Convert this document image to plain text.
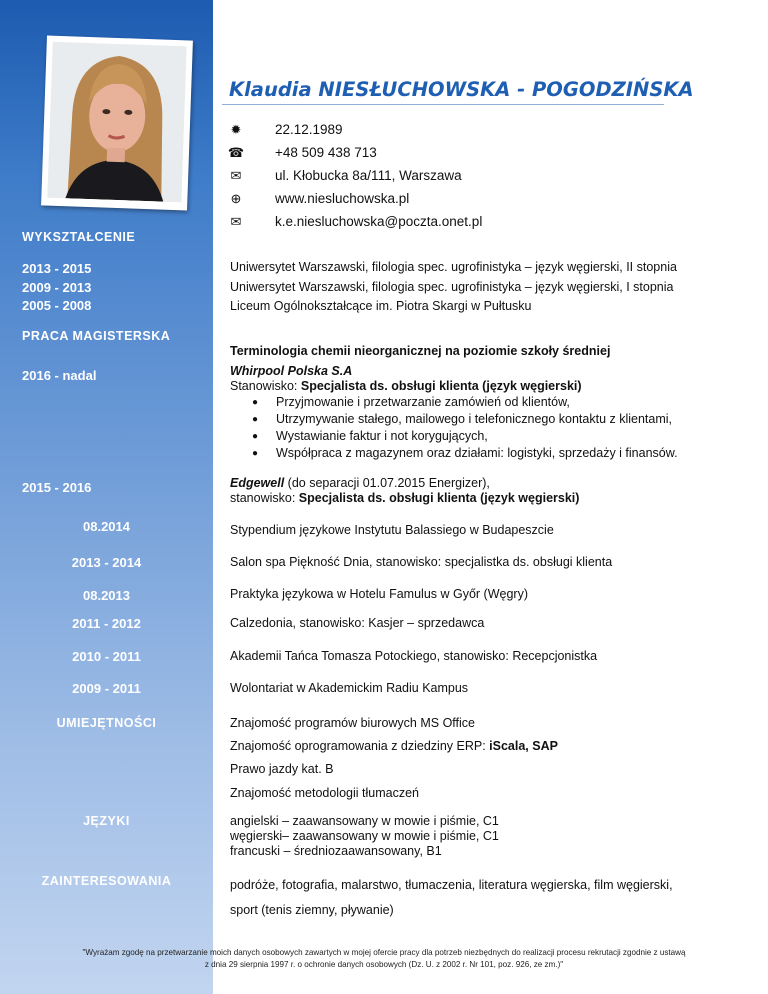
Klaudia NIESŁUCHOWSKA - POGODZIŃSKA
✹	22.12.1989
☎ +48 509 438 713
✉	ul. Kłobucka 8a/111, Warszawa
⊕	www.niesluchowska.pl
✉	k.e.niesluchowska@poczta.onet.pl
WYKSZTAŁCENIE
2013 - 2015	Uniwersytet Warszawski, filologia spec. ugrofinistyka – język węgierski, II stopnia
2009 - 2013	Uniwersytet Warszawski, filologia spec. ugrofinistyka – język węgierski, I stopnia
2005 - 2008	Liceum Ogólnokształcące im. Piotra Skargi w Pułtusku
PRACA MAGISTERSKA
Terminologia chemii nieorganicznej na poziomie szkoły średniej
2016 - nadal	Whirpool Polska S.A
Stanowisko: Specjalista ds. obsługi klienta (język węgierski)
● Przyjmowanie i przetwarzanie zamówień od klientów,
● Utrzymywanie stałego, mailowego i telefonicznego kontaktu z klientami,
● Wystawianie faktur i not korygujących,
● Współpraca z magazynem oraz działami: logistyki, sprzedaży i finansów.
2015 - 2016	Edgewell (do separacji 01.07.2015 Energizer),
stanowisko: Specjalista ds. obsługi klienta (język węgierski)
08.2014	Stypendium językowe Instytutu Balassiego w Budapeszcie
2013 - 2014	Salon spa Piękność Dnia, stanowisko: specjalistka ds. obsługi klienta
08.2013	Praktyka językowa w Hotelu Famulus w Győr (Węgry)
2011 - 2012	Calzedonia, stanowisko: Kasjer – sprzedawca
2010 - 2011	Akademii Tańca Tomasza Potockiego, stanowisko: Recepcjonistka
2009 - 2011	Wolontariat w Akademickim Radiu Kampus
UMIEJĘTNOŚCI	Znajomość programów biurowych MS Office
Znajomość oprogramowania z dziedziny ERP: iScala, SAP
Prawo jazdy kat. B
Znajomość metodologii tłumaczeń
JĘZYKI	angielski – zaawansowany w mowie i piśmie, C1
węgierski– zaawansowany w mowie i piśmie, C1
francuski – średniozaawansowany, B1
ZAINTERESOWANIA	podróże, fotografia, malarstwo, tłumaczenia, literatura węgierska, film węgierski,
sport (tenis ziemny, pływanie)
"Wyrażam zgodę na przetwarzanie moich danych osobowych zawartych w mojej ofercie pracy dla potrzeb niezbędnych do realizacji procesu rekrutacji zgodnie z ustawą
z dnia 29 sierpnia 1997 r. o ochronie danych osobowych (Dz. U. z 2002 r. Nr 101, poz. 926, ze zm.)"
